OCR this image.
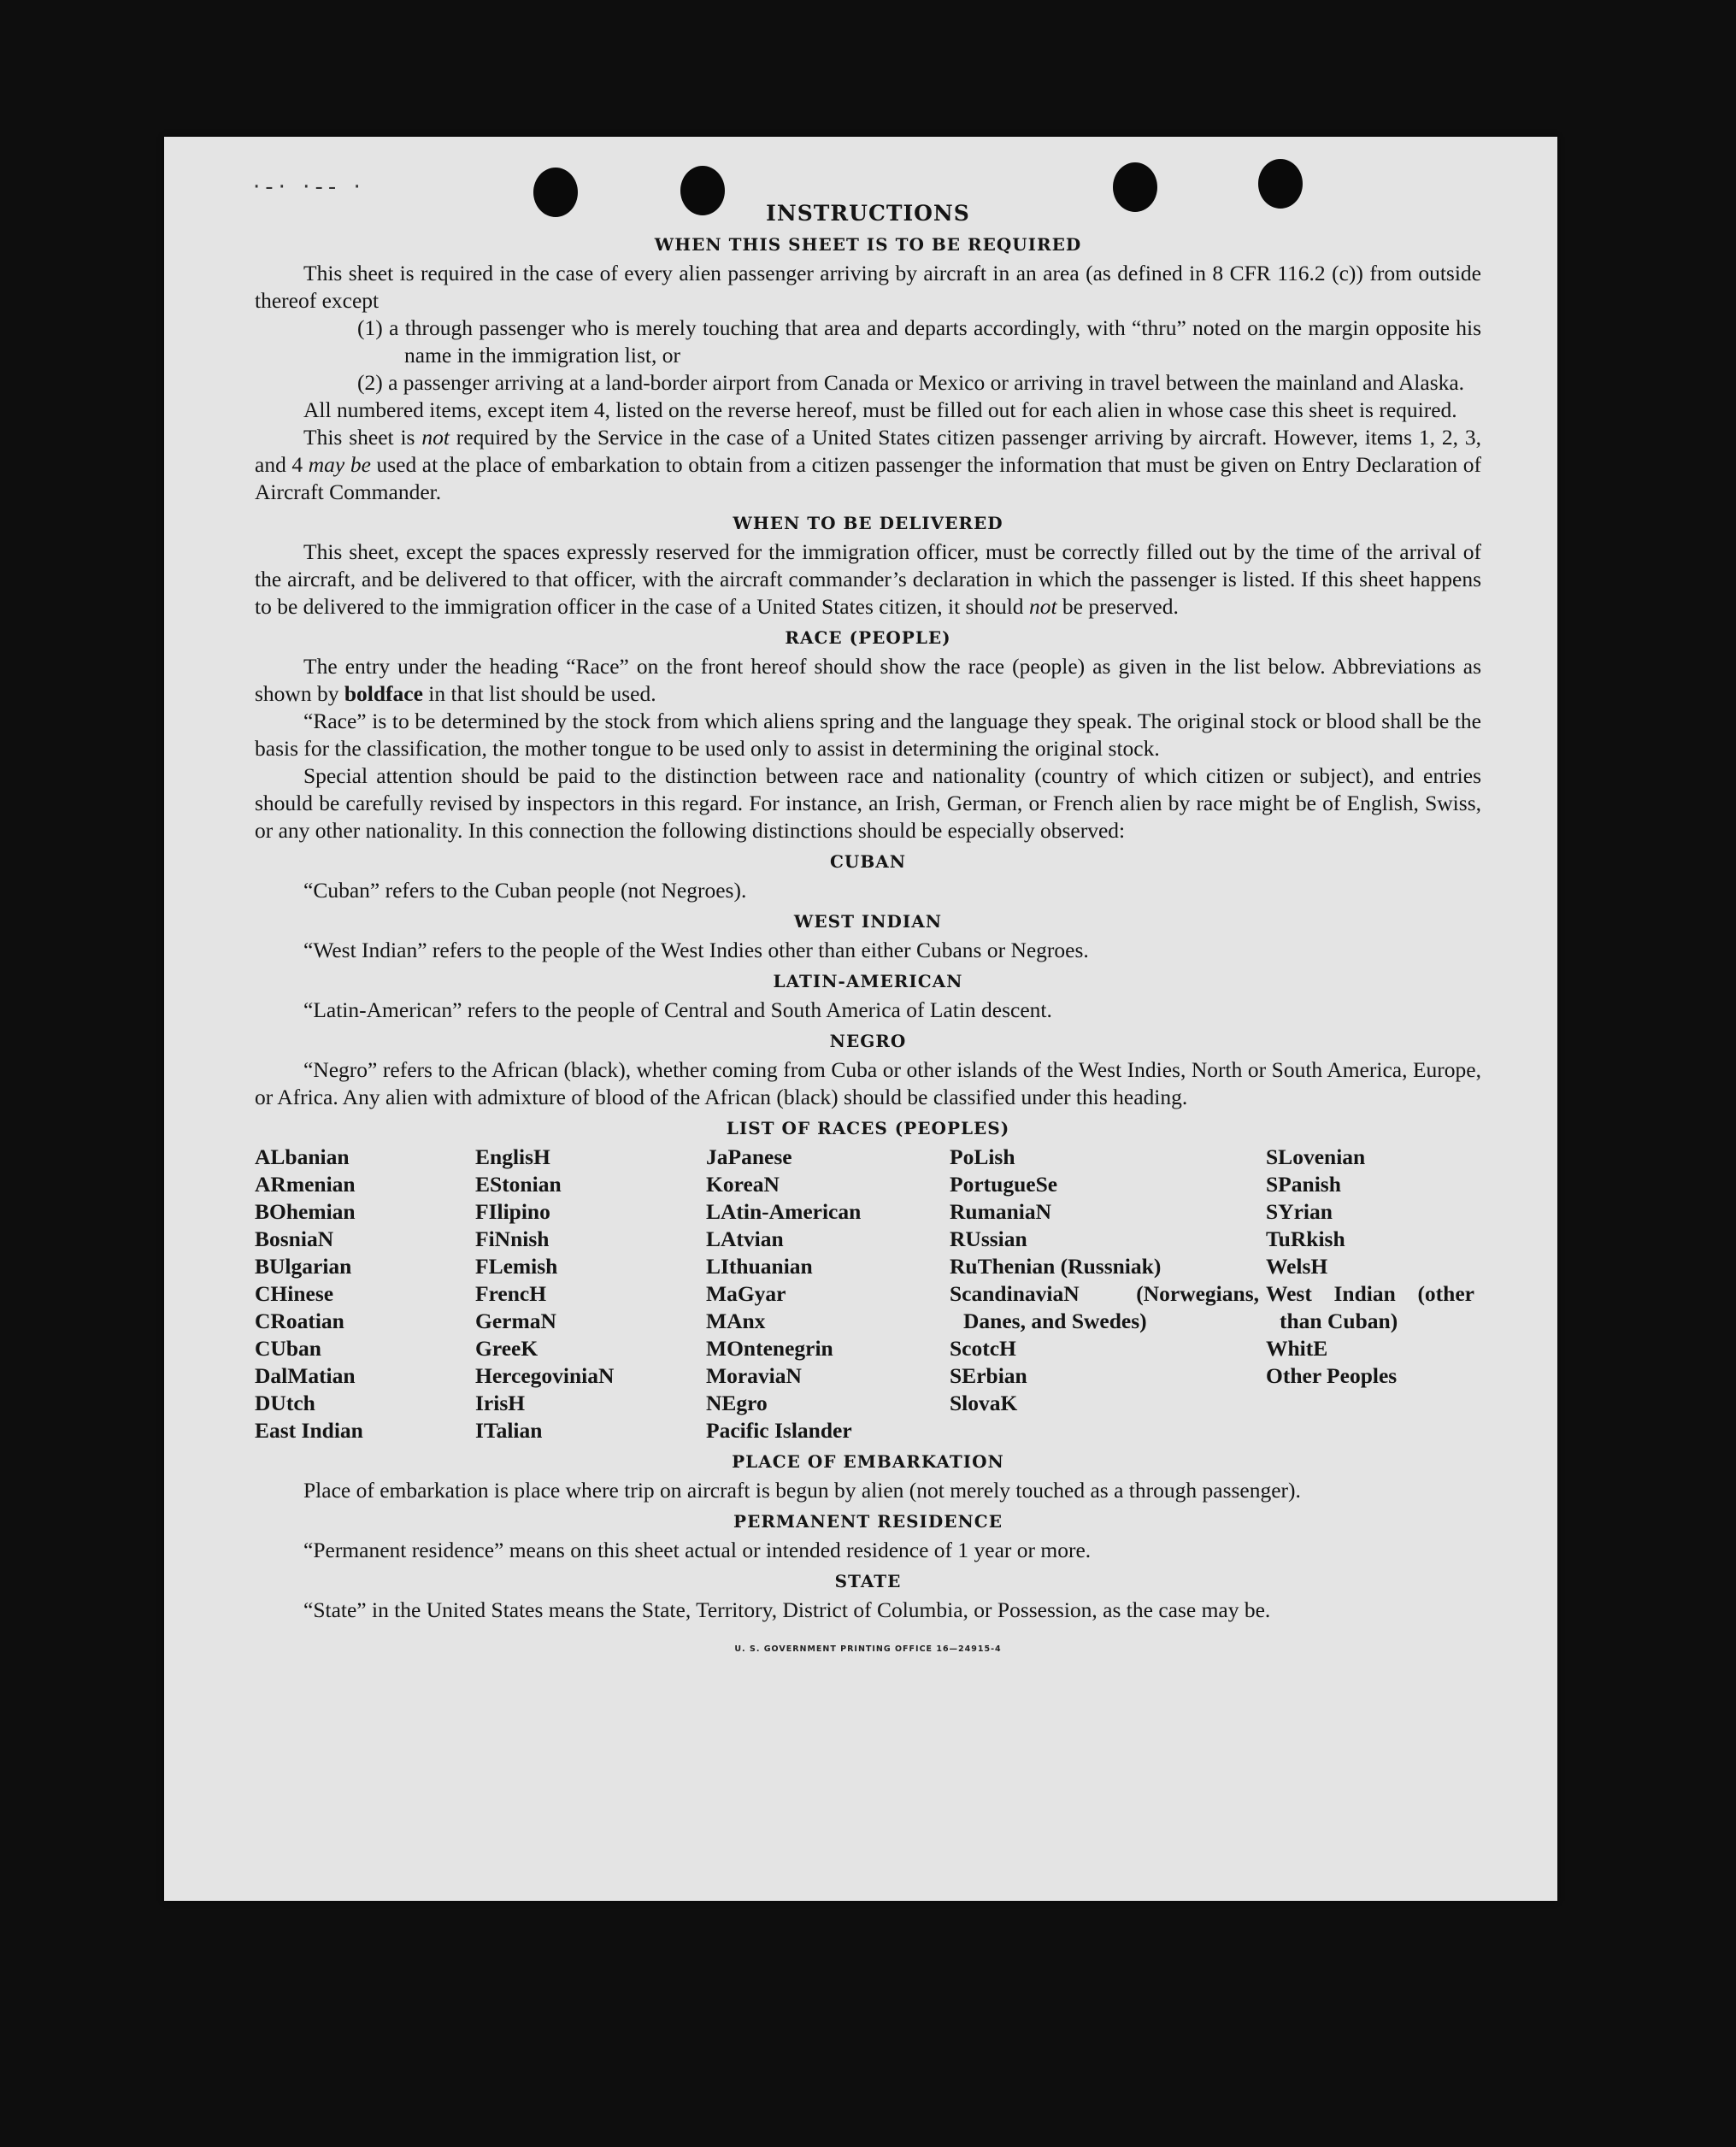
·‐· ·‐‐ ·
INSTRUCTIONS
WHEN THIS SHEET IS TO BE REQUIRED

This sheet is required in the case of every alien passenger arriving by aircraft in an area (as defined in 8 CFR 116.2 (c)) from outside thereof except

(1) a through passenger who is merely touching that area and departs accordingly, with “thru” noted on the margin opposite his name in the immigration list, or

(2) a passenger arriving at a land-border airport from Canada or Mexico or arriving in travel between the mainland and Alaska.

All numbered items, except item 4, listed on the reverse hereof, must be filled out for each alien in whose case this sheet is required.

This sheet is not required by the Service in the case of a United States citizen passenger arriving by aircraft. However, items 1, 2, 3, and 4 may be used at the place of embarkation to obtain from a citizen passenger the information that must be given on Entry Declaration of Aircraft Commander.

WHEN TO BE DELIVERED

This sheet, except the spaces expressly reserved for the immigration officer, must be correctly filled out by the time of the arrival of the aircraft, and be delivered to that officer, with the aircraft commander’s declaration in which the passenger is listed. If this sheet happens to be delivered to the immigration officer in the case of a United States citizen, it should not be preserved.

RACE (PEOPLE)

The entry under the heading “Race” on the front hereof should show the race (people) as given in the list below. Abbreviations as shown by boldface in that list should be used.

“Race” is to be determined by the stock from which aliens spring and the language they speak. The original stock or blood shall be the basis for the classification, the mother tongue to be used only to assist in determining the original stock.

Special attention should be paid to the distinction between race and nationality (country of which citizen or subject), and entries should be carefully revised by inspectors in this regard. For instance, an Irish, German, or French alien by race might be of English, Swiss, or any other nationality. In this connection the following distinctions should be especially observed:

CUBAN

“Cuban” refers to the Cuban people (not Negroes).

WEST INDIAN

“West Indian” refers to the people of the West Indies other than either Cubans or Negroes.

LATIN-AMERICAN

“Latin-American” refers to the people of Central and South America of Latin descent.

NEGRO

“Negro” refers to the African (black), whether coming from Cuba or other islands of the West Indies, North or South America, Europe, or Africa. Any alien with admixture of blood of the African (black) should be classified under this heading.

LIST OF RACES (PEOPLES)
ALbanian
ARmenian
BOhemian
BosniaN
BUlgarian
CHinese
CRoatian
CUban
DalMatian
DUtch
East Indian
EnglisH
EStonian
FIlipino
FiNnish
FLemish
FrencH
GermaN
GreeK
HercegoviniaN
IrisH
ITalian
JaPanese
KoreaN
LAtin-American
LAtvian
LIthuanian
MaGyar
MAnx
MOntenegrin
MoraviaN
NEgro
Pacific Islander
PoLish
PortugueSe
RumaniaN
RUssian
RuThenian (Russniak)
ScandinaviaN (Norwegians, Danes, and Swedes)
ScotcH
SErbian
SlovaK
SLovenian
SPanish
SYrian
TuRkish
WelsH
West Indian (other than Cuban)
WhitE
Other Peoples
PLACE OF EMBARKATION

Place of embarkation is place where trip on aircraft is begun by alien (not merely touched as a through passenger).

PERMANENT RESIDENCE

“Permanent residence” means on this sheet actual or intended residence of 1 year or more.

STATE

“State” in the United States means the State, Territory, District of Columbia, or Possession, as the case may be.

U. S. GOVERNMENT PRINTING OFFICE 16—24915-4
